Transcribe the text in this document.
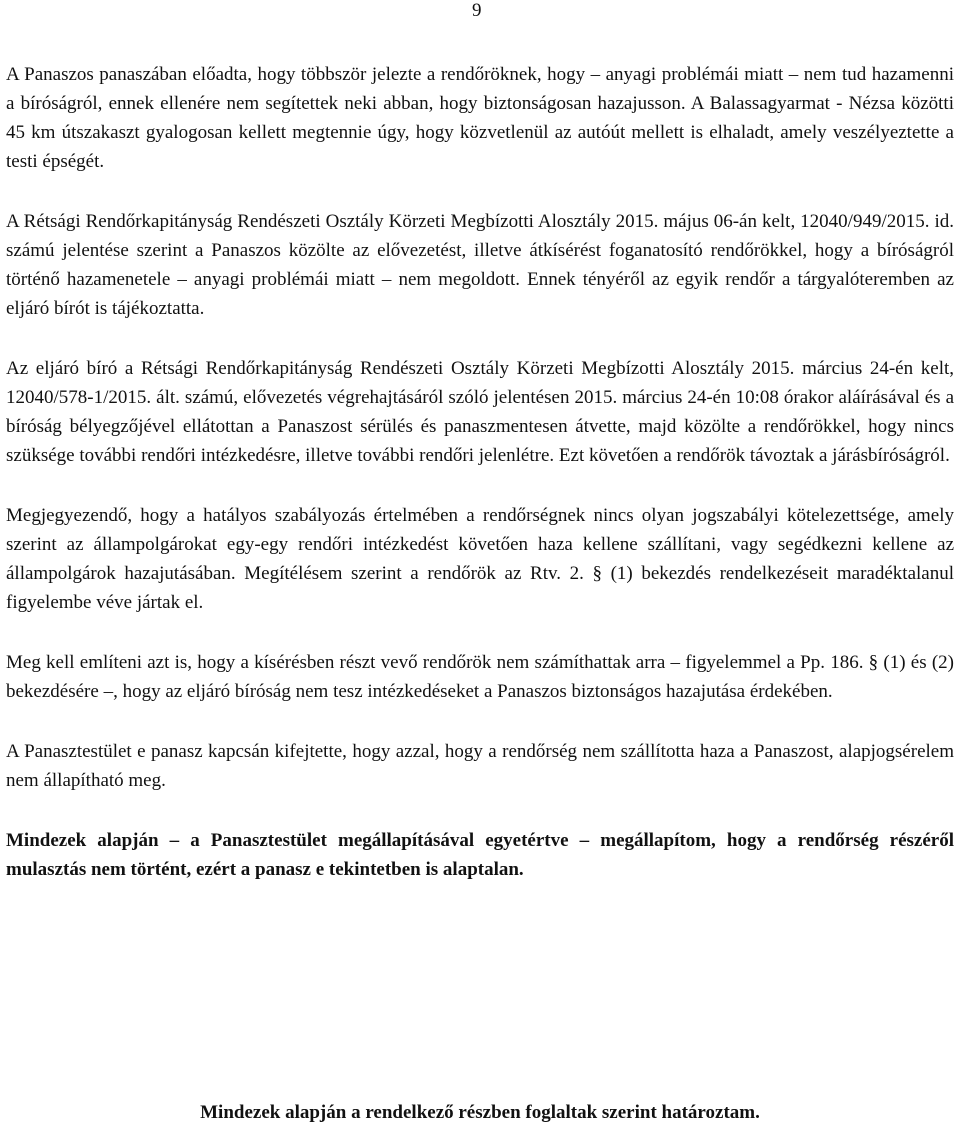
9

A Panaszos panaszában előadta, hogy többször jelezte a rendőröknek, hogy – anyagi problémái miatt – nem tud hazamenni a bíróságról, ennek ellenére nem segítettek neki abban, hogy biztonságosan hazajusson. A Balassagyarmat - Nézsa közötti 45 km útszakaszt gyalogosan kellett megtennie úgy, hogy közvetlenül az autóút mellett is elhaladt, amely veszélyeztette a testi épségét.

A Rétsági Rendőrkapitányság Rendészeti Osztály Körzeti Megbízotti Alosztály 2015. május 06-án kelt, 12040/949/2015. id. számú jelentése szerint a Panaszos közölte az elővezetést, illetve átkísérést foganatosító rendőrökkel, hogy a bíróságról történő hazamenetele – anyagi problémái miatt – nem megoldott. Ennek tényéről az egyik rendőr a tárgyalóteremben az eljáró bírót is tájékoztatta.

Az eljáró bíró a Rétsági Rendőrkapitányság Rendészeti Osztály Körzeti Megbízotti Alosztály 2015. március 24-én kelt, 12040/578-1/2015. ált. számú, elővezetés végrehajtásáról szóló jelentésen 2015. március 24-én 10:08 órakor aláírásával és a bíróság bélyegzőjével ellátottan a Panaszost sérülés és panaszmentesen átvette, majd közölte a rendőrökkel, hogy nincs szüksége további rendőri intézkedésre, illetve további rendőri jelenlétre. Ezt követően a rendőrök távoztak a járásbíróságról.

Megjegyezendő, hogy a hatályos szabályozás értelmében a rendőrségnek nincs olyan jogszabályi kötelezettsége, amely szerint az állampolgárokat egy-egy rendőri intézkedést követően haza kellene szállítani, vagy segédkezni kellene az állampolgárok hazajutásában. Megítélésem szerint a rendőrök az Rtv. 2. § (1) bekezdés rendelkezéseit maradéktalanul figyelembe véve jártak el.

Meg kell említeni azt is, hogy a kísérésben részt vevő rendőrök nem számíthattak arra – figyelemmel a Pp. 186. § (1) és (2) bekezdésére –, hogy az eljáró bíróság nem tesz intézkedéseket a Panaszos biztonságos hazajutása érdekében.

A Panasztestület e panasz kapcsán kifejtette, hogy azzal, hogy a rendőrség nem szállította haza a Panaszost, alapjogsérelem nem állapítható meg.

Mindezek alapján – a Panasztestület megállapításával egyetértve – megállapítom, hogy a rendőrség részéről mulasztás nem történt, ezért a panasz e tekintetben is alaptalan.

Mindezek alapján a rendelkező részben foglaltak szerint határoztam.
